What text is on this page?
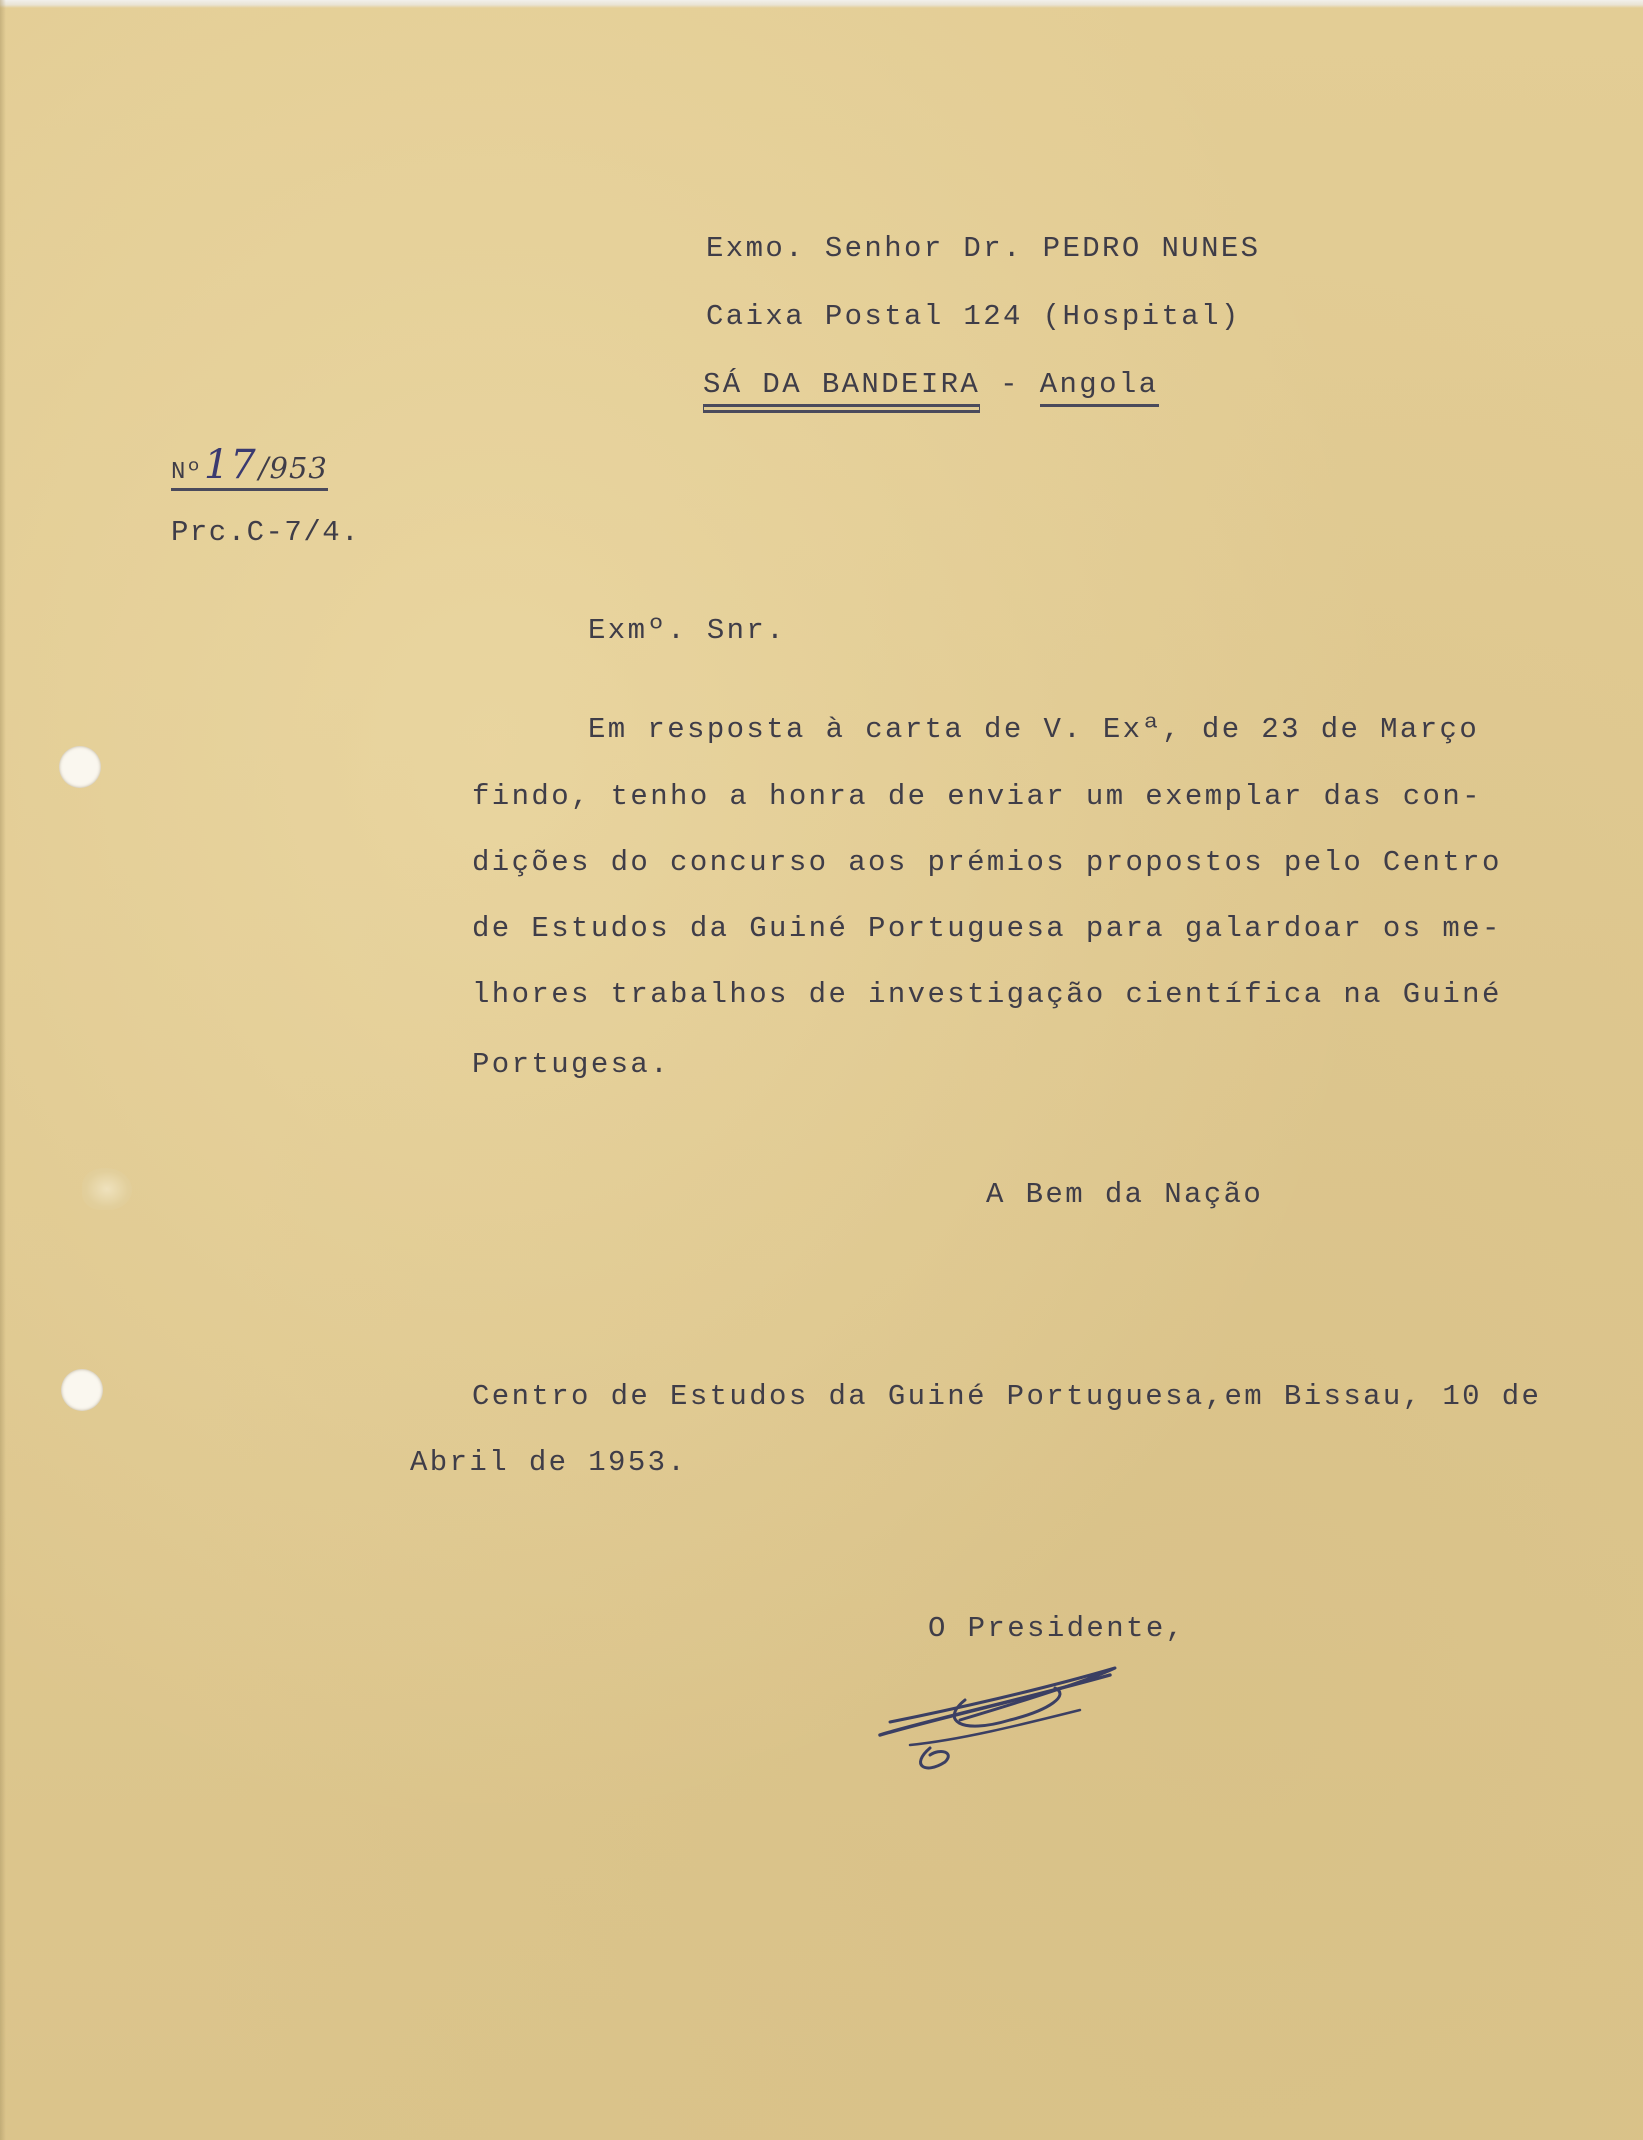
Exmo. Senhor Dr. PEDRO NUNES
Caixa Postal 124 (Hospital)
SÁ DA BANDEIRA - Angola
Nº17/953
Prc.C-7/4.
Exmº. Snr.
Em resposta à carta de V. Exª, de 23 de Março
findo, tenho a honra de enviar um exemplar das con-
dições do concurso aos prémios propostos pelo Centro
de Estudos da Guiné Portuguesa para galardoar os me-
lhores trabalhos de investigação científica na Guiné
Portugesa.
A Bem da Nação
Centro de Estudos da Guiné Portuguesa,em Bissau, 10 de
Abril de 1953.
O Presidente,
